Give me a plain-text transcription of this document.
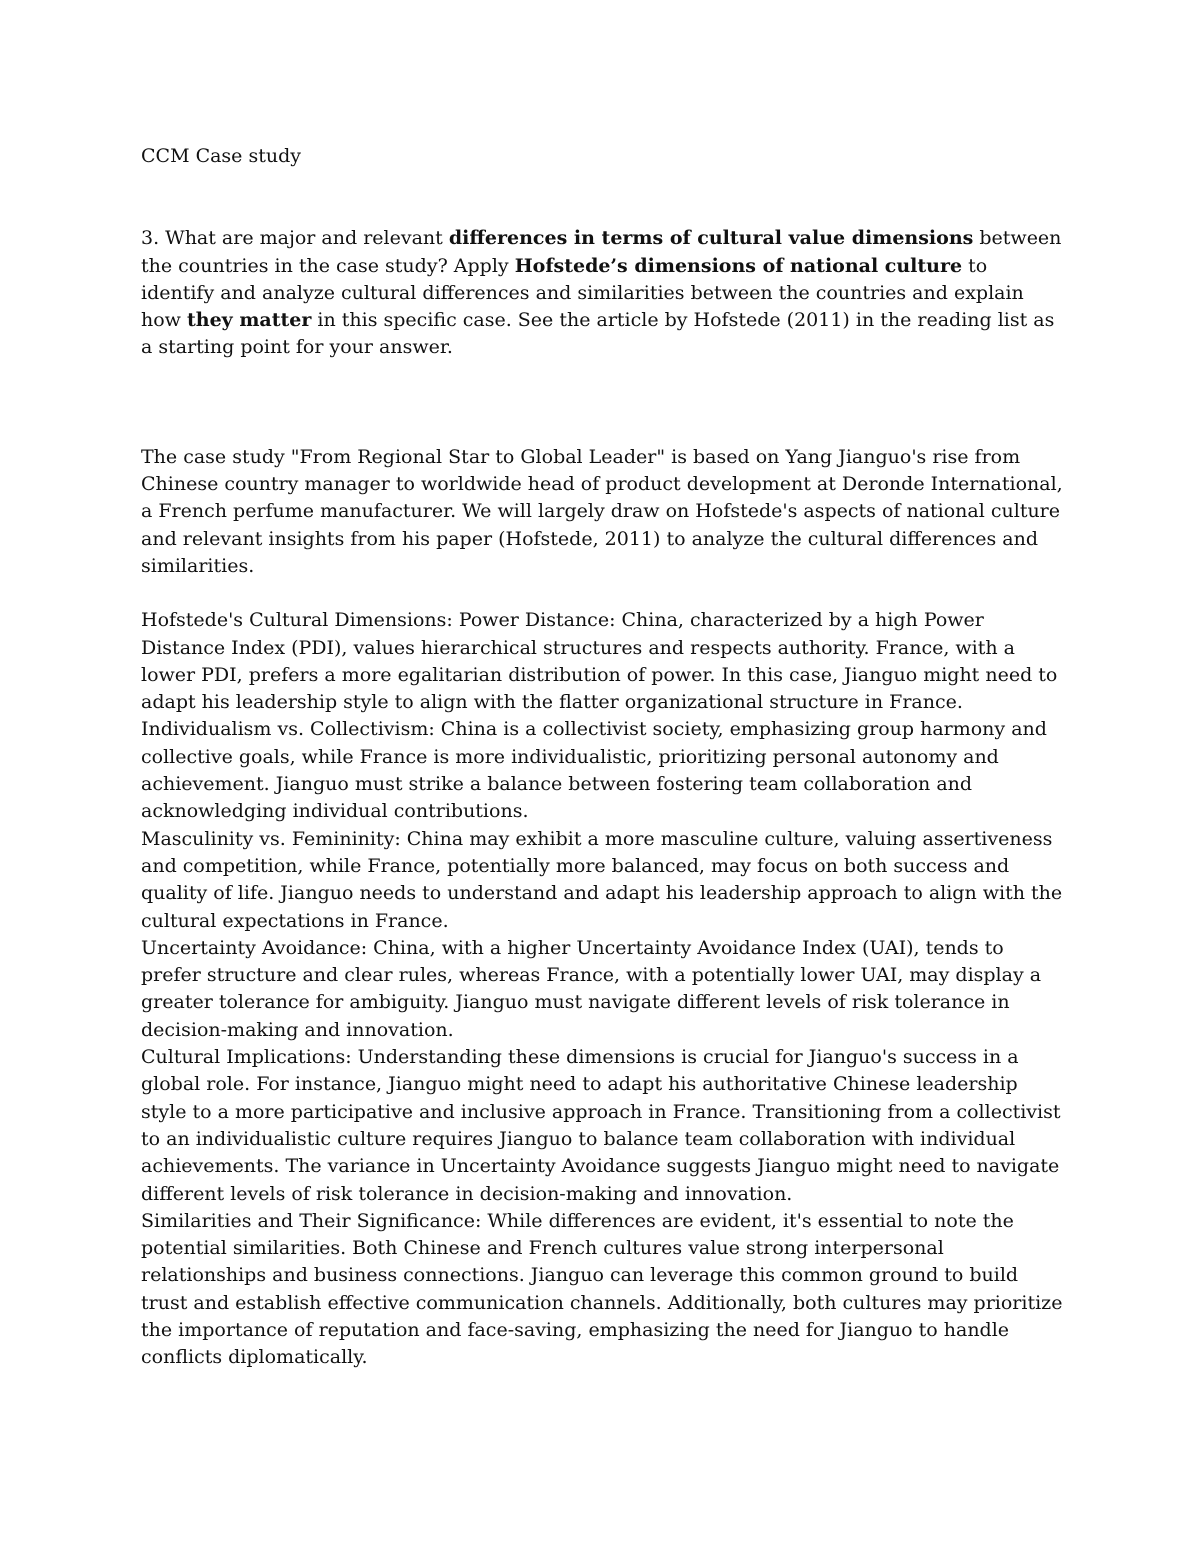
CCM Case study

3. What are major and relevant differences in terms of cultural value dimensions between the countries in the case study? Apply Hofstede’s dimensions of national culture to identify and analyze cultural differences and similarities between the countries and explain how they matter in this specific case. See the article by Hofstede (2011) in the reading list as a starting point for your answer.

The case study "From Regional Star to Global Leader" is based on Yang Jianguo's rise from Chinese country manager to worldwide head of product development at Deronde International, a French perfume manufacturer. We will largely draw on Hofstede's aspects of national culture and relevant insights from his paper (Hofstede, 2011) to analyze the cultural differences and similarities.

Hofstede's Cultural Dimensions: Power Distance: China, characterized by a high Power Distance Index (PDI), values hierarchical structures and respects authority. France, with a lower PDI, prefers a more egalitarian distribution of power. In this case, Jianguo might need to adapt his leadership style to align with the flatter organizational structure in France.

Individualism vs. Collectivism: China is a collectivist society, emphasizing group harmony and collective goals, while France is more individualistic, prioritizing personal autonomy and achievement. Jianguo must strike a balance between fostering team collaboration and acknowledging individual contributions.

Masculinity vs. Femininity: China may exhibit a more masculine culture, valuing assertiveness and competition, while France, potentially more balanced, may focus on both success and quality of life. Jianguo needs to understand and adapt his leadership approach to align with the cultural expectations in France.

Uncertainty Avoidance: China, with a higher Uncertainty Avoidance Index (UAI), tends to prefer structure and clear rules, whereas France, with a potentially lower UAI, may display a greater tolerance for ambiguity. Jianguo must navigate different levels of risk tolerance in decision-making and innovation.

Cultural Implications: Understanding these dimensions is crucial for Jianguo's success in a global role. For instance, Jianguo might need to adapt his authoritative Chinese leadership style to a more participative and inclusive approach in France. Transitioning from a collectivist to an individualistic culture requires Jianguo to balance team collaboration with individual achievements. The variance in Uncertainty Avoidance suggests Jianguo might need to navigate different levels of risk tolerance in decision-making and innovation.

Similarities and Their Significance: While differences are evident, it's essential to note the potential similarities. Both Chinese and French cultures value strong interpersonal relationships and business connections. Jianguo can leverage this common ground to build trust and establish effective communication channels. Additionally, both cultures may prioritize the importance of reputation and face-saving, emphasizing the need for Jianguo to handle conflicts diplomatically.
